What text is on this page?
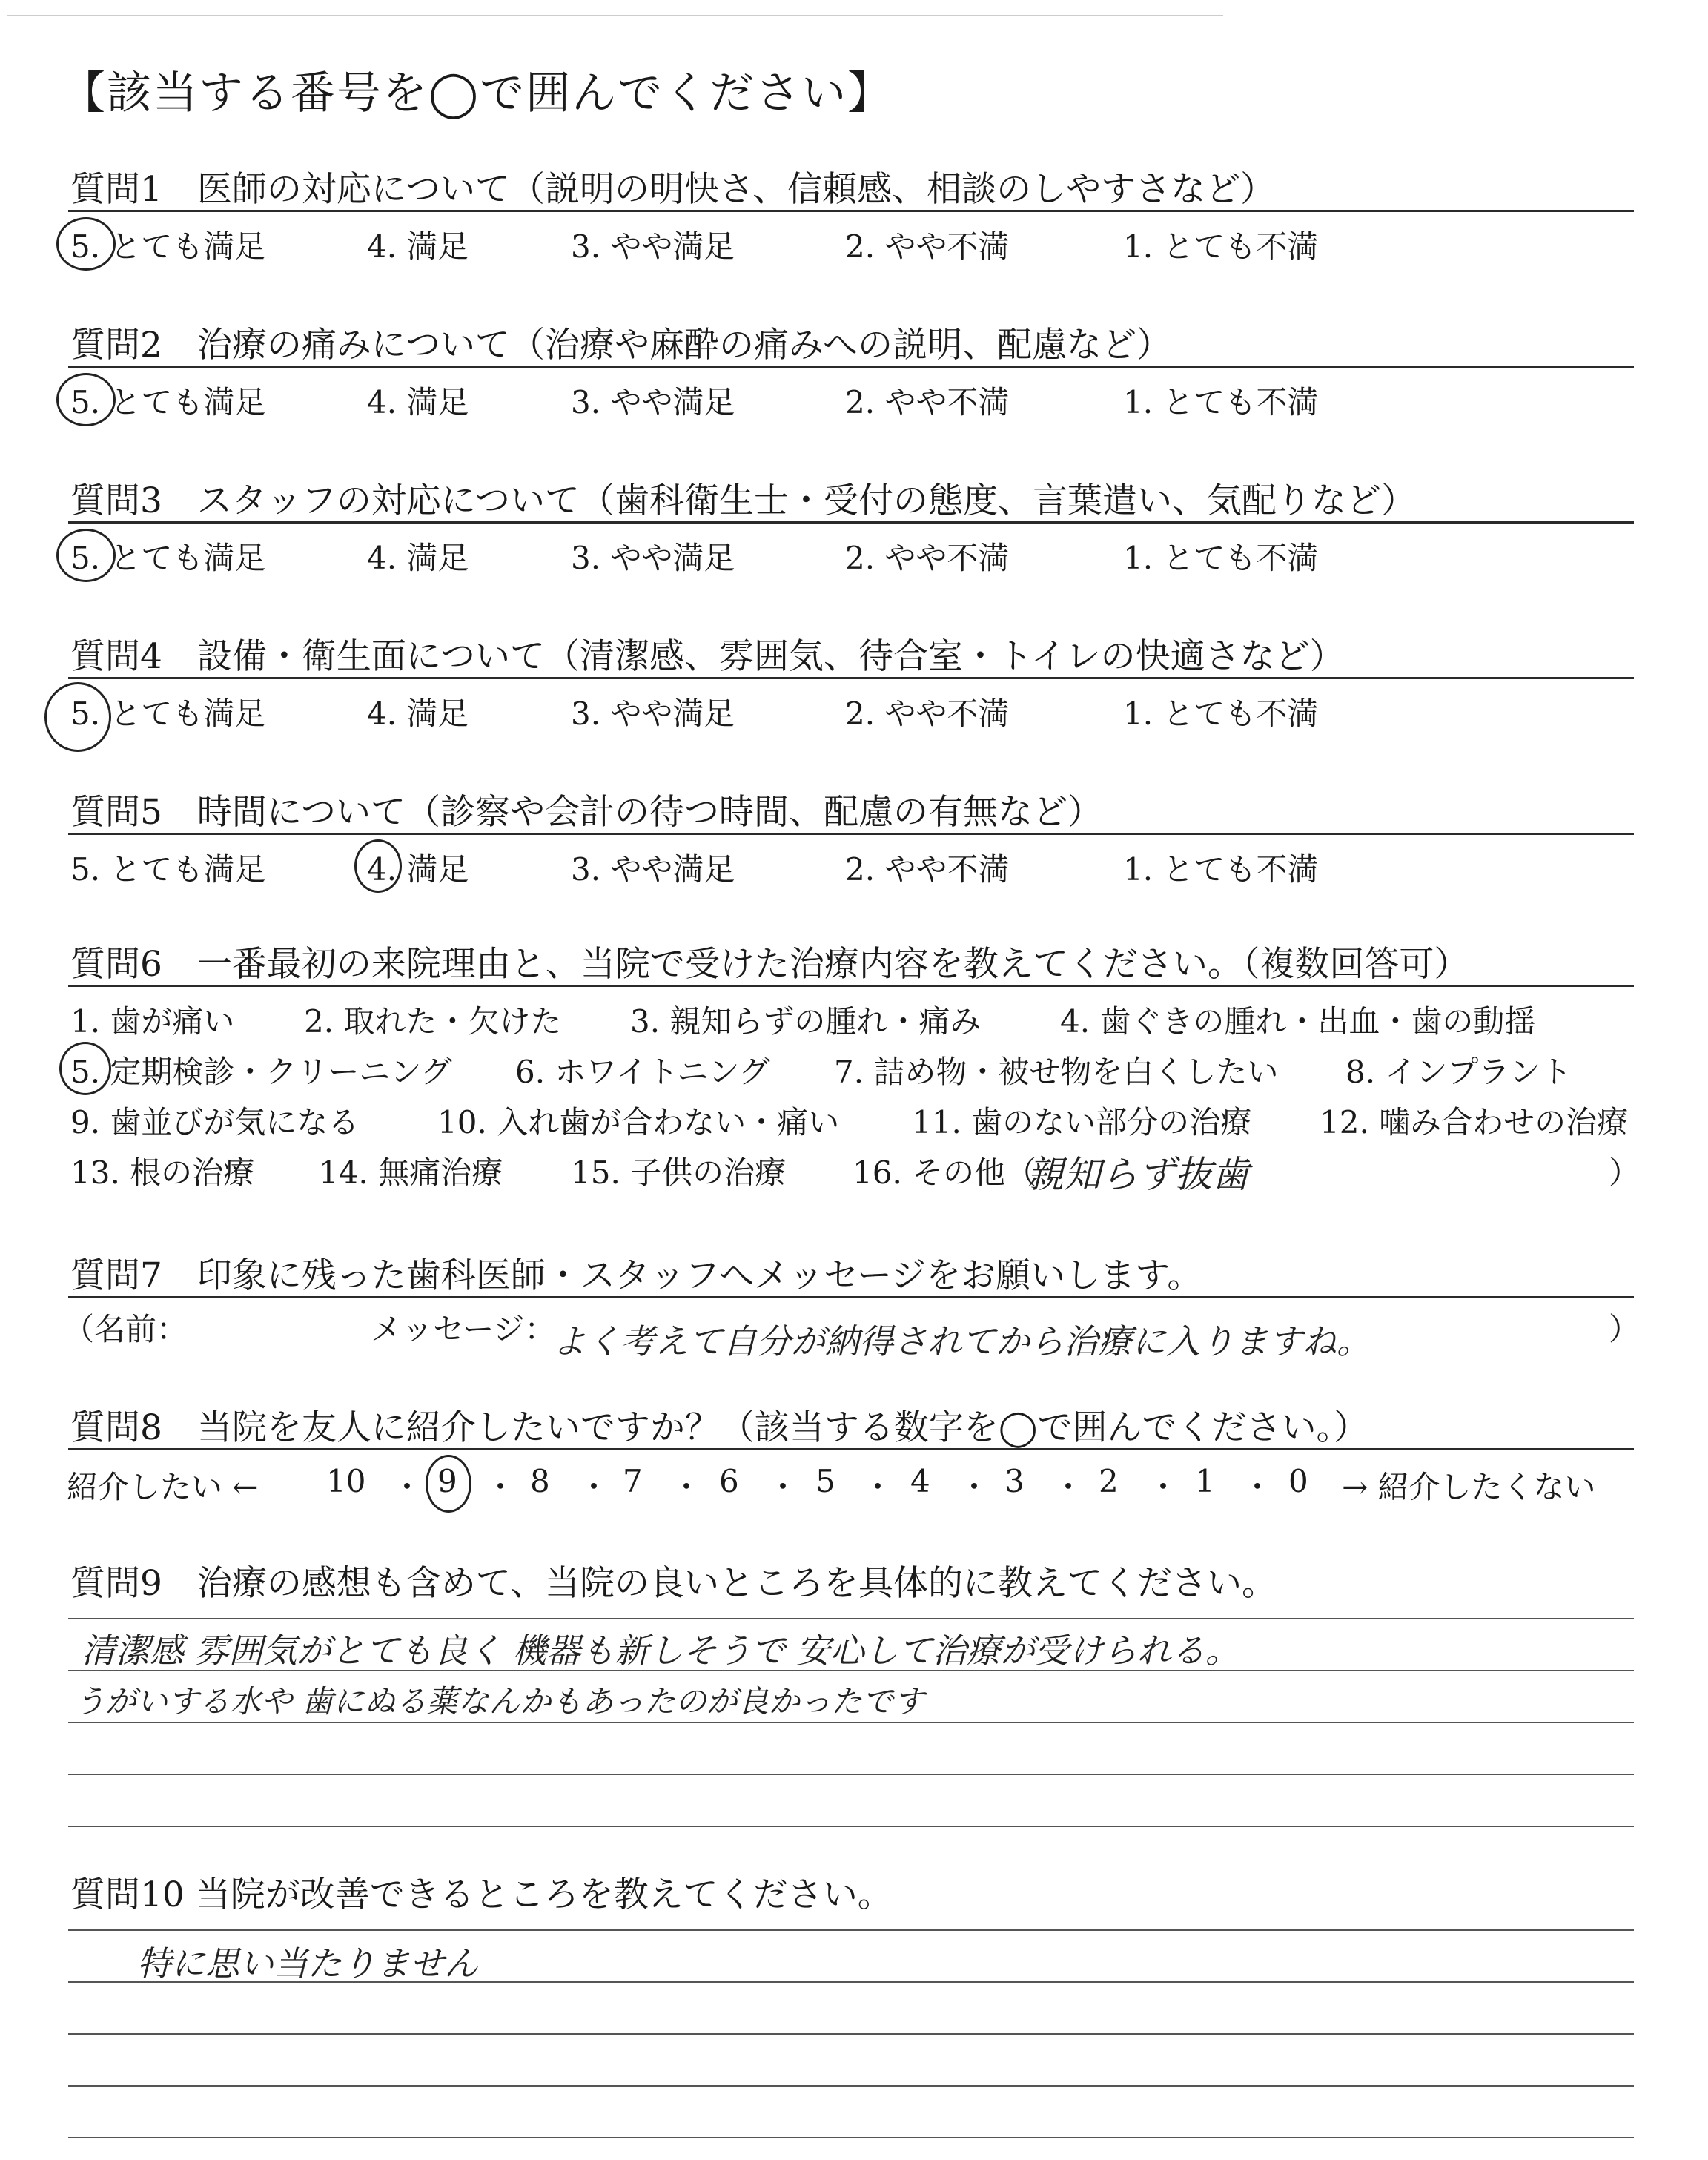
【該当する番号を◯で囲んでください】
質問1　医師の対応について（説明の明快さ、信頼感、相談のしやすさなど）
5. とても満足	4. 満足	3. やや満足	2. やや不満	1. とても不満
質問2　治療の痛みについて（治療や麻酔の痛みへの説明、配慮など）
5. とても満足	4. 満足	3. やや満足	2. やや不満	1. とても不満
質問3　スタッフの対応について（歯科衛生士・受付の態度、言葉遣い、気配りなど）
5. とても満足	4. 満足	3. やや満足	2. やや不満	1. とても不満
質問4　設備・衛生面について（清潔感、雰囲気、待合室・トイレの快適さなど）
5. とても満足	4. 満足	3. やや満足	2. やや不満	1. とても不満
質問5　時間について（診察や会計の待つ時間、配慮の有無など）
5. とても満足	4. 満足	3. やや満足	2. やや不満	1. とても不満
質問6　一番最初の来院理由と、当院で受けた治療内容を教えてください。（複数回答可）
1. 歯が痛い 2. 取れた・欠けた 3. 親知らずの腫れ・痛み	4. 歯ぐきの腫れ・出血・歯の動揺
5. 定期検診・クリーニング 6. ホワイトニング 7. 詰め物・被せ物を白くしたい 8. インプラント
9. 歯並びが気になる	10. 入れ歯が合わない・痛い 11. 歯のない部分の治療 12. 噛み合わせの治療
13. 根の治療 14. 無痛治療 15. 子供の治療 16. その他（
親知らず抜歯	）
質問7　印象に残った歯科医師・スタッフへメッセージをお願いします。
（名前：	メッセージ：
よく考えて自分が納得されてから治療に入りますね。	）
質問8　当院を友人に紹介したいですか？（該当する数字を◯で囲んでください。）
紹介したい ← 10 ・ 9 ・ 8 ・ 7 ・ 6 ・ 5 ・ 4 ・ 3 ・ 2 ・ 1 ・ 0 → 紹介したくない
質問9　治療の感想も含めて、当院の良いところを具体的に教えてください。
清潔感 雰囲気がとても良く 機器も新しそうで 安心して治療が受けられる。
うがいする水や 歯にぬる薬なんかもあったのが良かったです
質問10 当院が改善できるところを教えてください。
特に思い当たりません
